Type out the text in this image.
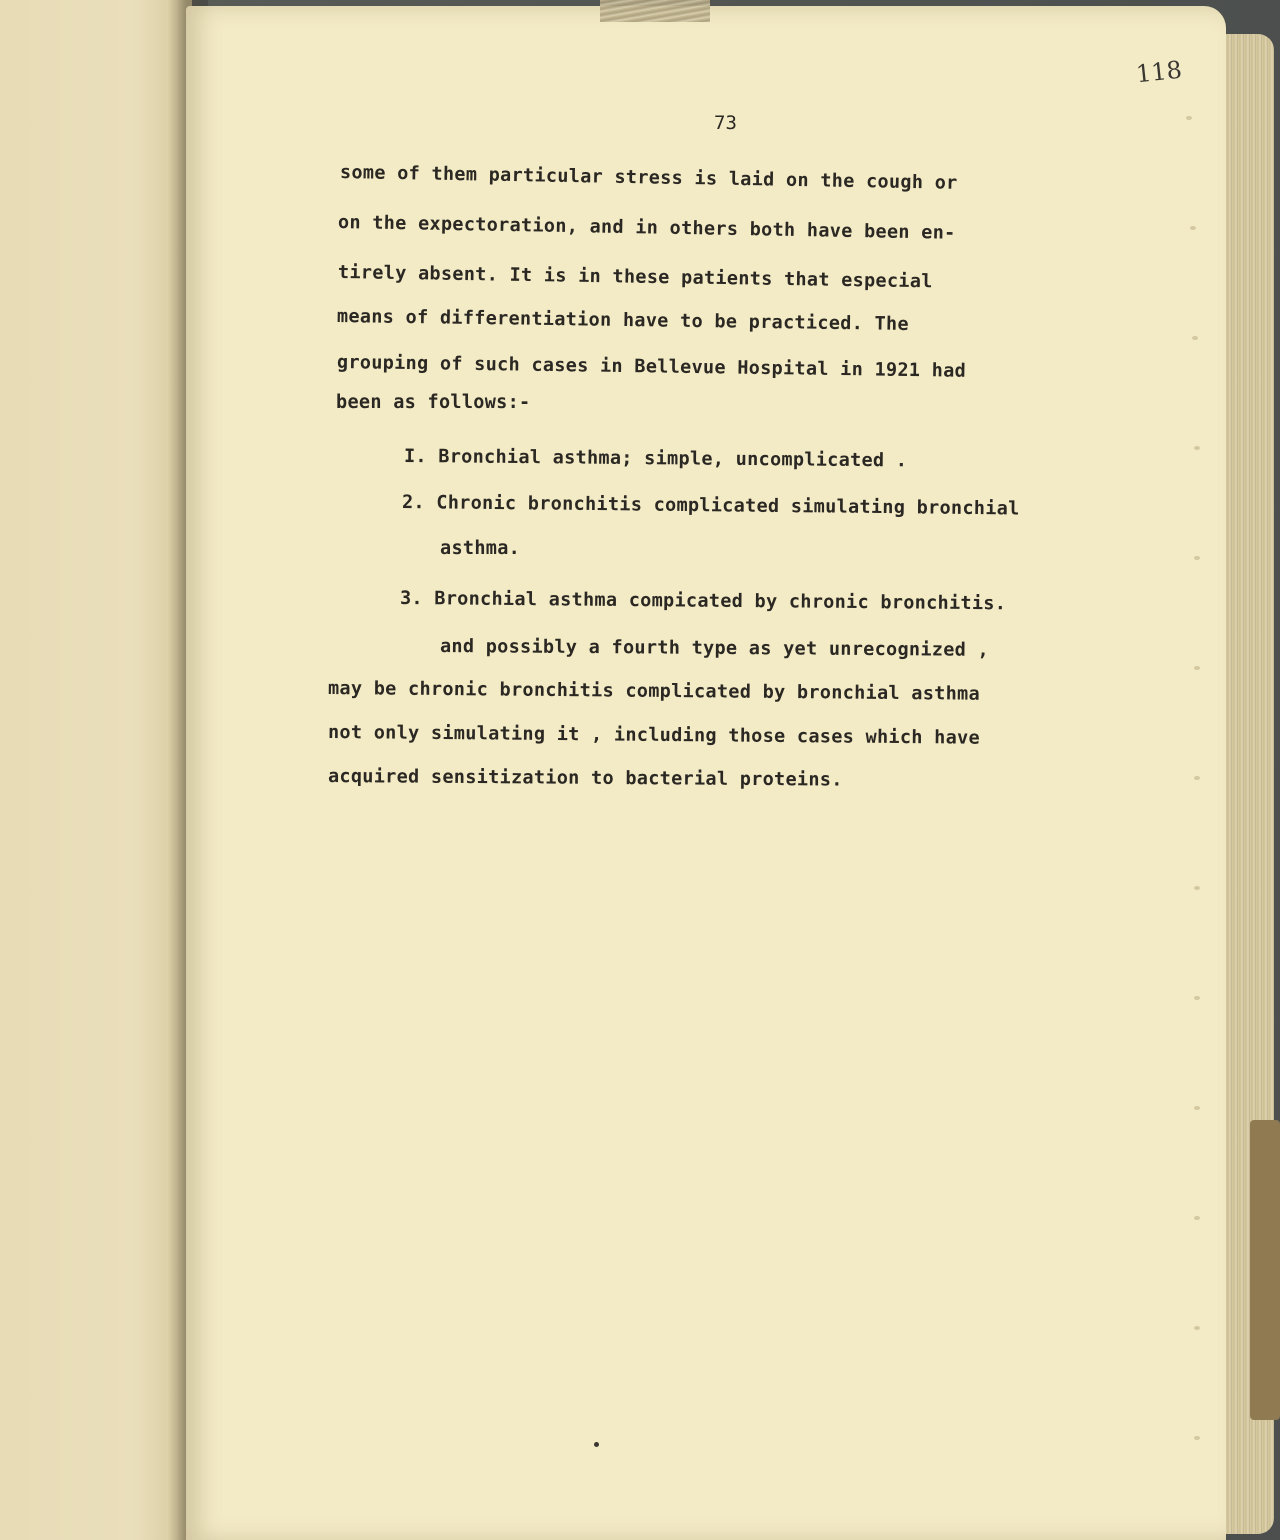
118
73
some of them particular stress is laid on the cough or
on the expectoration, and in others both have been en-
tirely absent. It is in these patients that especial
means of differentiation have to be practiced. The
grouping of such cases in Bellevue Hospital in 1921 had
been as follows:-
I. Bronchial asthma; simple, uncomplicated .
2. Chronic bronchitis complicated simulating bronchial
asthma.
3. Bronchial asthma compicated by chronic bronchitis.
and possibly a fourth type as yet unrecognized ,
may be chronic bronchitis complicated by bronchial asthma
not only simulating it , including those cases which have
acquired sensitization to bacterial proteins.
